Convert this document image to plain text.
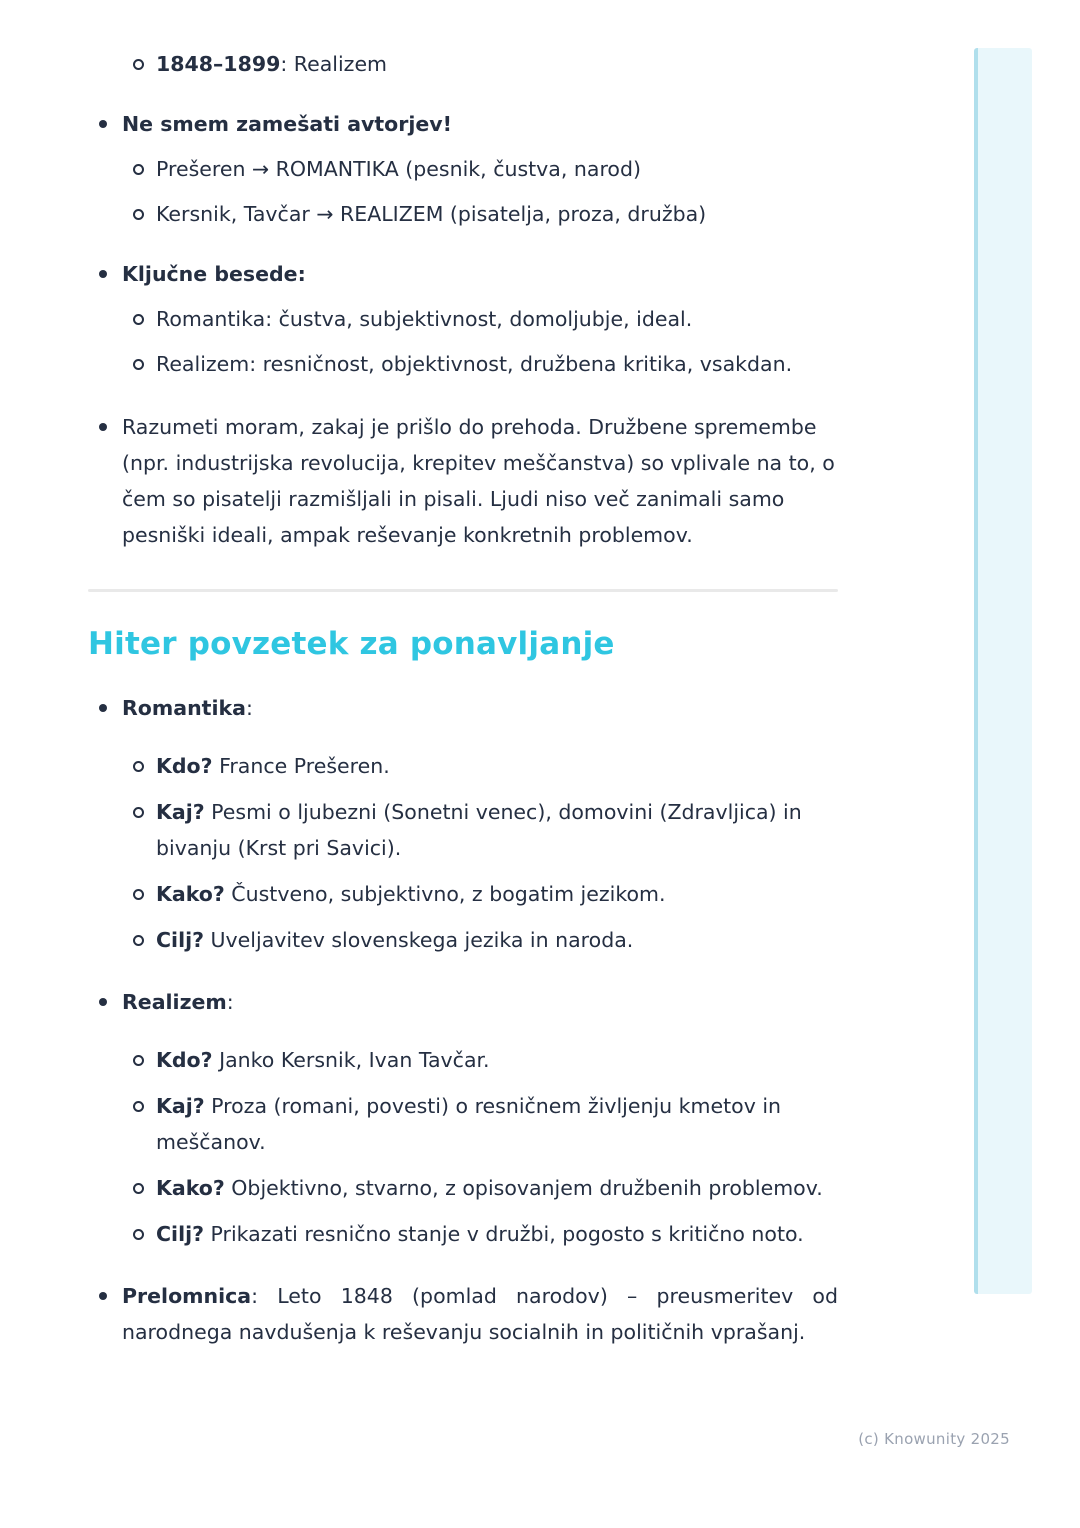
1848–1899: Realizem
Ne smem zamešati avtorjev!
Prešeren → ROMANTIKA (pesnik, čustva, narod)
Kersnik, Tavčar → REALIZEM (pisatelja, proza, družba)
Ključne besede:
Romantika: čustva, subjektivnost, domoljubje, ideal.
Realizem: resničnost, objektivnost, družbena kritika, vsakdan.
Razumeti moram, zakaj je prišlo do prehoda. Družbene spremembe (npr. industrijska revolucija, krepitev meščanstva) so vplivale na to, o čem so pisatelji razmišljali in pisali. Ljudi niso več zanimali samo pesniški ideali, ampak reševanje konkretnih problemov.
Hiter povzetek za ponavljanje
Romantika:
Kdo? France Prešeren.
Kaj? Pesmi o ljubezni (Sonetni venec), domovini (Zdravljica) in bivanju (Krst pri Savici).
Kako? Čustveno, subjektivno, z bogatim jezikom.
Cilj? Uveljavitev slovenskega jezika in naroda.
Realizem:
Kdo? Janko Kersnik, Ivan Tavčar.
Kaj? Proza (romani, povesti) o resničnem življenju kmetov in meščanov.
Kako? Objektivno, stvarno, z opisovanjem družbenih problemov.
Cilj? Prikazati resnično stanje v družbi, pogosto s kritično noto.
Prelomnica: Leto 1848 (pomlad narodov) – preusmeritev od narodnega navdušenja k reševanju socialnih in političnih vprašanj.
(c) Knowunity 2025
